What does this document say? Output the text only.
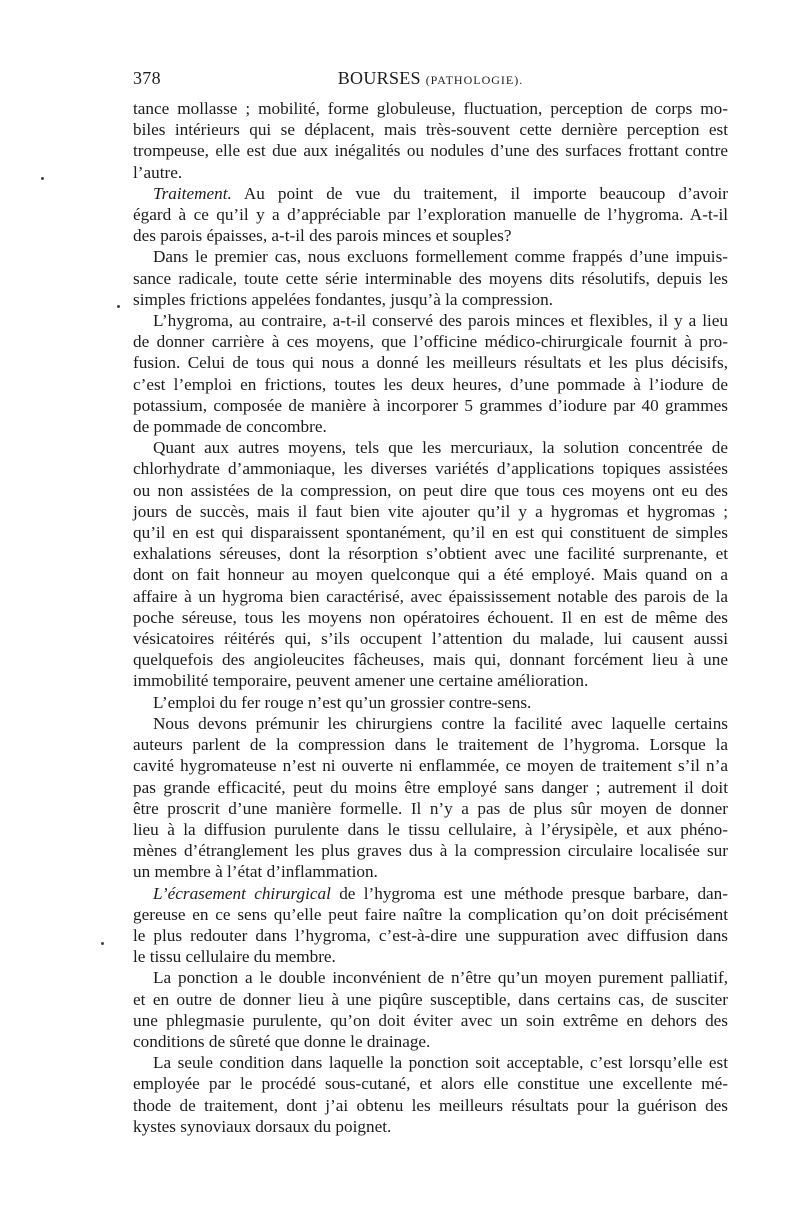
378	BOURSES (PATHOLOGIE).

tance mollasse ; mobilité, forme globuleuse, fluctuation, perception de corps mo-
biles intérieurs qui se déplacent, mais très-souvent cette dernière perception est
trompeuse, elle est due aux inégalités ou nodules d’une des surfaces frottant contre
l’autre.

Traitement. Au point de vue du traitement, il importe beaucoup d’avoir
égard à ce qu’il y a d’appréciable par l’exploration manuelle de l’hygroma. A-t-il
des parois épaisses, a-t-il des parois minces et souples?

Dans le premier cas, nous excluons formellement comme frappés d’une impuis-
sance radicale, toute cette série interminable des moyens dits résolutifs, depuis les
simples frictions appelées fondantes, jusqu’à la compression.

L’hygroma, au contraire, a-t-il conservé des parois minces et flexibles, il y a lieu
de donner carrière à ces moyens, que l’officine médico-chirurgicale fournit à pro-
fusion. Celui de tous qui nous a donné les meilleurs résultats et les plus décisifs,
c’est l’emploi en frictions, toutes les deux heures, d’une pommade à l’iodure de
potassium, composée de manière à incorporer 5 grammes d’iodure par 40 grammes
de pommade de concombre.

Quant aux autres moyens, tels que les mercuriaux, la solution concentrée de
chlorhydrate d’ammoniaque, les diverses variétés d’applications topiques assistées
ou non assistées de la compression, on peut dire que tous ces moyens ont eu des
jours de succès, mais il faut bien vite ajouter qu’il y a hygromas et hygromas ;
qu’il en est qui disparaissent spontanément, qu’il en est qui constituent de simples
exhalations séreuses, dont la résorption s’obtient avec une facilité surprenante, et
dont on fait honneur au moyen quelconque qui a été employé. Mais quand on a
affaire à un hygroma bien caractérisé, avec épaississement notable des parois de la
poche séreuse, tous les moyens non opératoires échouent. Il en est de même des
vésicatoires réitérés qui, s’ils occupent l’attention du malade, lui causent aussi
quelquefois des angioleucites fâcheuses, mais qui, donnant forcément lieu à une
immobilité temporaire, peuvent amener une certaine amélioration.

L’emploi du fer rouge n’est qu’un grossier contre-sens.

Nous devons prémunir les chirurgiens contre la facilité avec laquelle certains
auteurs parlent de la compression dans le traitement de l’hygroma. Lorsque la
cavité hygromateuse n’est ni ouverte ni enflammée, ce moyen de traitement s’il n’a
pas grande efficacité, peut du moins être employé sans danger ; autrement il doit
être proscrit d’une manière formelle. Il n’y a pas de plus sûr moyen de donner
lieu à la diffusion purulente dans le tissu cellulaire, à l’érysipèle, et aux phéno-
mènes d’étranglement les plus graves dus à la compression circulaire localisée sur
un membre à l’état d’inflammation.

L’écrasement chirurgical de l’hygroma est une méthode presque barbare, dan-
gereuse en ce sens qu’elle peut faire naître la complication qu’on doit précisément
le plus redouter dans l’hygroma, c’est-à-dire une suppuration avec diffusion dans
le tissu cellulaire du membre.

La ponction a le double inconvénient de n’être qu’un moyen purement palliatif,
et en outre de donner lieu à une piqûre susceptible, dans certains cas, de susciter
une phlegmasie purulente, qu’on doit éviter avec un soin extrême en dehors des
conditions de sûreté que donne le drainage.

La seule condition dans laquelle la ponction soit acceptable, c’est lorsqu’elle est
employée par le procédé sous-cutané, et alors elle constitue une excellente mé-
thode de traitement, dont j’ai obtenu les meilleurs résultats pour la guérison des
kystes synoviaux dorsaux du poignet.
